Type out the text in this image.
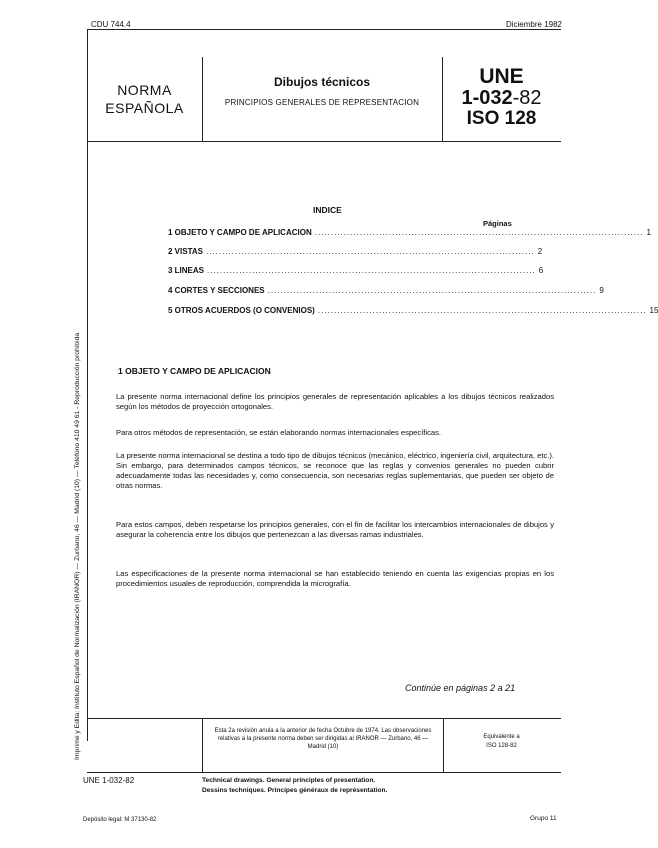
CDU 744.4	Diciembre 1982
NORMA
ESPAÑOLA
Dibujos técnicos
PRINCIPIOS GENERALES DE REPRESENTACION
UNE
1-032-82
ISO 128
Imprime y Edita: Instituto Español de Normalización (IRANOR) — Zurbano, 46 — Madrid (10) — Teléfono 410 49 61 - Reproducción prohibida
INDICE
Páginas
1 OBJETO Y CAMPO DE APLICACION ...................................................................................................... 1
2 VISTAS ...................................................................................................... 2
3 LINEAS ...................................................................................................... 6
4 CORTES Y SECCIONES ...................................................................................................... 9
5 OTROS ACUERDOS (O CONVENIOS) ...................................................................................................... 15
1 OBJETO Y CAMPO DE APLICACION
La presente norma internacional define los principios generales de representación aplicables a los dibujos técnicos realizados según los métodos de proyección ortogonales.
Para otros métodos de representación, se están elaborando normas internacionales específicas.
La presente norma internacional se destina a todo tipo de dibujos técnicos (mecánico, eléctrico, ingeniería civil, arquitectura, etc.). Sin embargo, para determinados campos técnicos, se reconoce que las reglas y convenios generales no pueden cubrir adecuadamente todas las necesidades y, como consecuencia, son necesarias reglas suplementarias, que pueden ser objeto de otras normas.
Para estos campos, deben respetarse los principios generales, con el fin de facilitar los intercambios internacionales de dibujos y asegurar la coherencia entre los dibujos que pertenezcan a las diversas ramas industriales.
Las especificaciones de la presente norma internacional se han establecido teniendo en cuenta las exigencias propias en los procedimientos usuales de reproducción, comprendida la micrografía.
Continúe en páginas 2 a 21
Esta 2a revisión anula a la anterior de fecha Octubre de 1974. Las observaciones relativas a la presente norma deben ser dirigidas al IRANOR — Zurbano, 46 — Madrid (10)
Equivalente a
ISO 128-82
UNE 1-032-82	Technical drawings. General principles of presentation.
Dessins techniques. Principes généraux de représentation.
Depósito legal: M 37130-82	Grupo 11
